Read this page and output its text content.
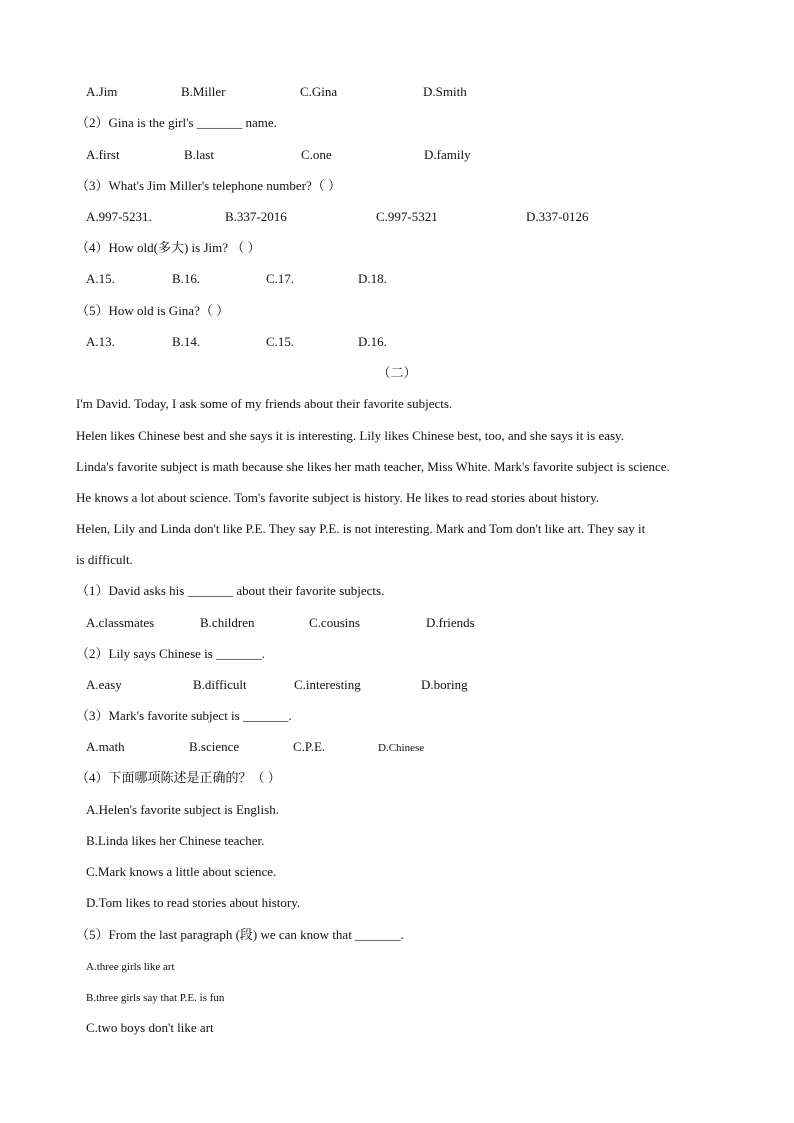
A.Jim	B.Miller	C.Gina	D.Smith
（2）Gina is the girl's _______ name.
A.first	B.last	C.one	D.family
（3）What's Jim Miller's telephone number?（ ）
A.997-5231.	B.337-2016	C.997-5321	D.337-0126
（4）How old(多大) is Jim? （ ）
A.15.	B.16.	C.17.	D.18.
（5）How old is Gina?（ ）
A.13.	B.14.	C.15.	D.16.
（二）
I'm David. Today, I ask some of my friends about their favorite subjects.
Helen likes Chinese best and she says it is interesting. Lily likes Chinese best, too, and she says it is easy.
Linda's favorite subject is math because she likes her math teacher, Miss White. Mark's favorite subject is science.
He knows a lot about science. Tom's favorite subject is history. He likes to read stories about history.
Helen, Lily and Linda don't like P.E. They say P.E. is not interesting. Mark and Tom don't like art. They say it
is difficult.
（1）David asks his _______ about their favorite subjects.
A.classmates	B.children	C.cousins	D.friends
（2）Lily says Chinese is _______.
A.easy	B.difficult	C.interesting	D.boring
（3）Mark's favorite subject is _______.
A.math	B.science	C.P.E.	D.Chinese
（4）下面哪项陈述是正确的？（ ）
A.Helen's favorite subject is English.
B.Linda likes her Chinese teacher.
C.Mark knows a little about science.
D.Tom likes to read stories about history.
（5）From the last paragraph (段) we can know that _______.
A.three girls like art
B.three girls say that P.E. is fun
C.two boys don't like art
